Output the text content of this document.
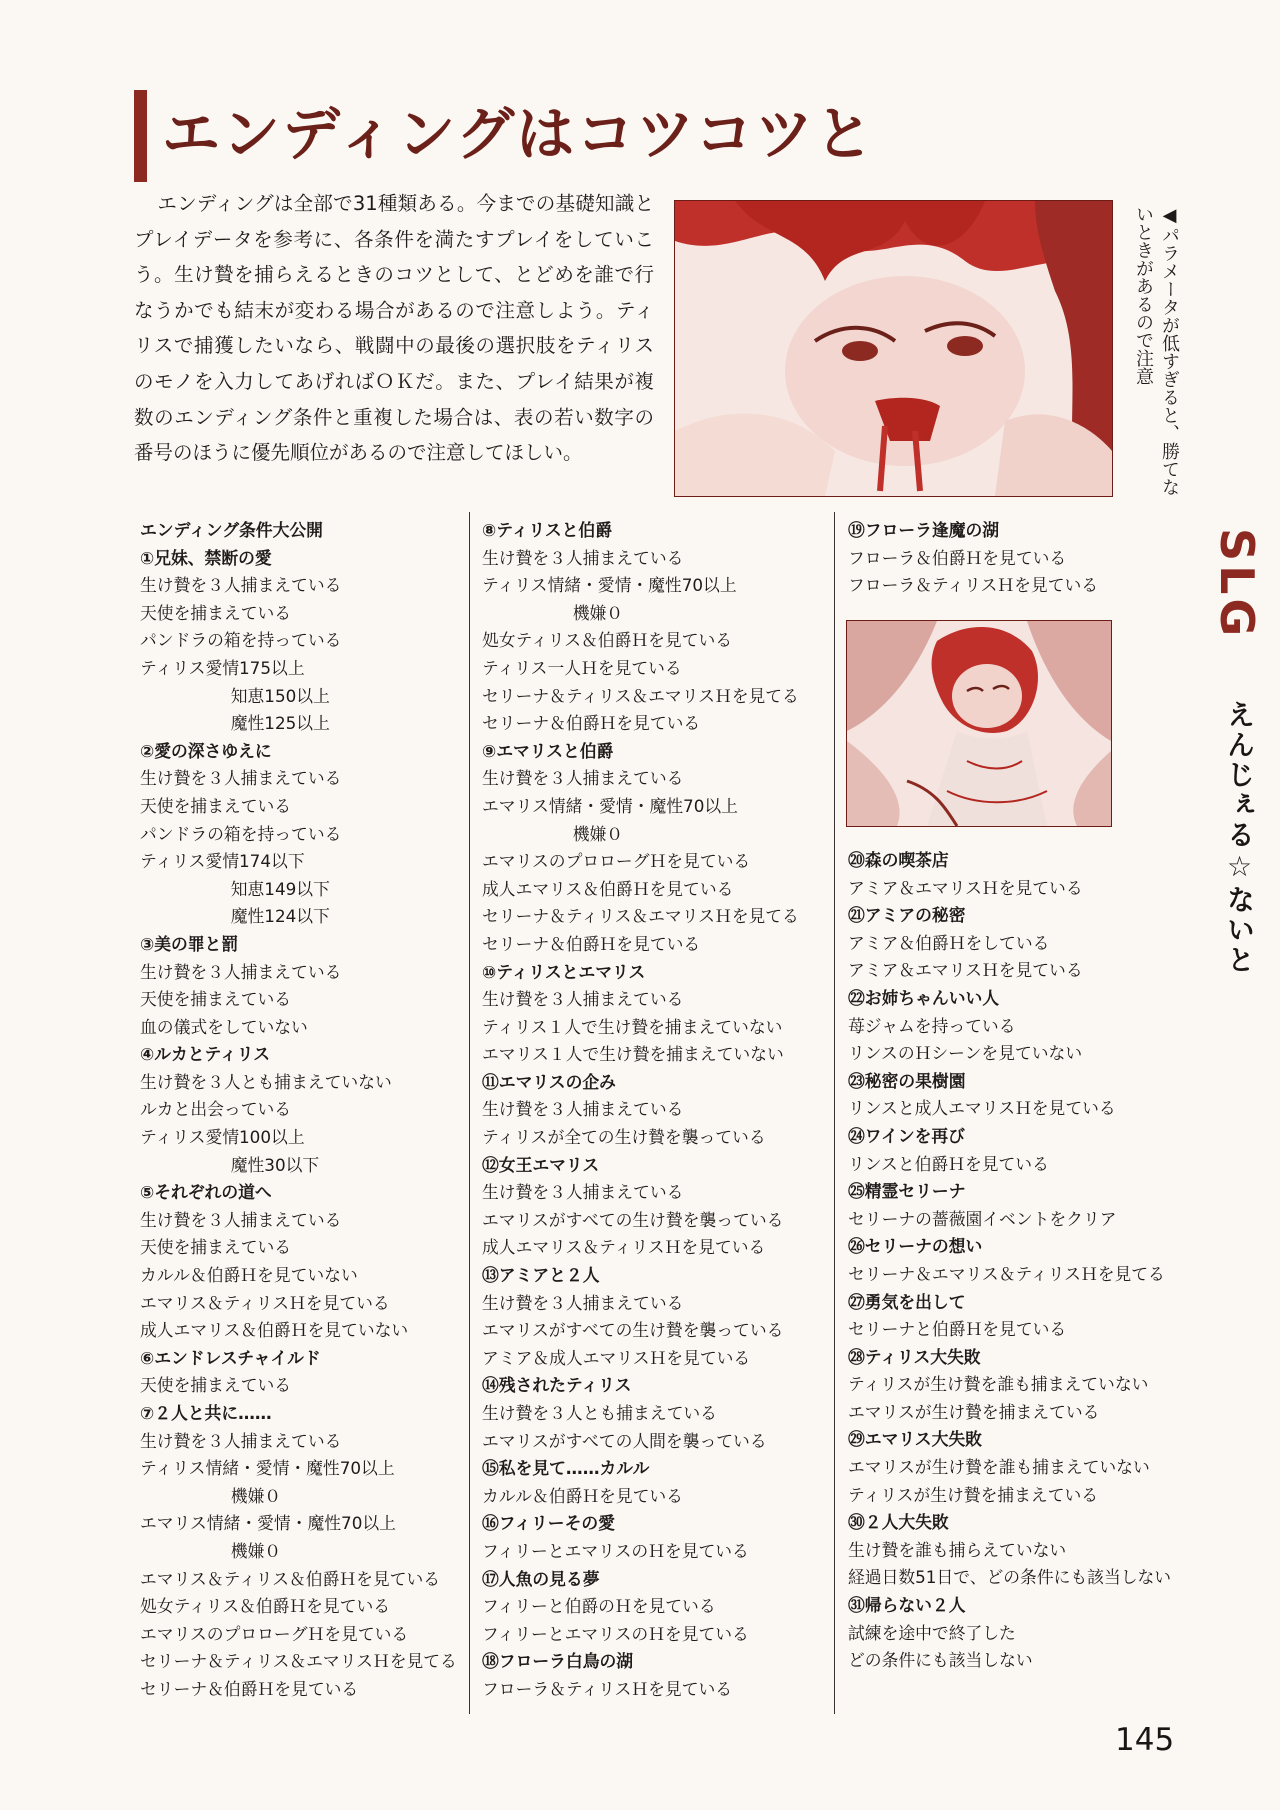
エンディングはコツコツと

エンディングは全部で31種類ある。今までの基礎知識とプレイデータを参考に、各条件を満たすプレイをしていこう。生け贄を捕らえるときのコツとして、とどめを誰で行なうかでも結末が変わる場合があるので注意しよう。ティリスで捕獲したいなら、戦闘中の最後の選択肢をティリスのモノを入力してあげればＯＫだ。また、プレイ結果が複数のエンディング条件と重複した場合は、表の若い数字の番号のほうに優先順位があるので注意してほしい。	◀パラメータが低すぎると、勝てないときがあるので注意
SLG
えんじぇる☆ないと
エンディング条件大公開
①兄妹、禁断の愛
生け贄を３人捕まえている
天使を捕まえている
パンドラの箱を持っている
ティリス愛情175以上
知恵150以上
魔性125以上
②愛の深さゆえに
生け贄を３人捕まえている
天使を捕まえている
パンドラの箱を持っている
ティリス愛情174以下
知恵149以下
魔性124以下
③美の罪と罰
生け贄を３人捕まえている
天使を捕まえている
血の儀式をしていない
④ルカとティリス
生け贄を３人とも捕まえていない
ルカと出会っている
ティリス愛情100以上
魔性30以下
⑤それぞれの道へ
生け贄を３人捕まえている
天使を捕まえている
カルル＆伯爵Ｈを見ていない
エマリス＆ティリスＨを見ている
成人エマリス＆伯爵Ｈを見ていない
⑥エンドレスチャイルド
天使を捕まえている
⑦２人と共に……
生け贄を３人捕まえている
ティリス情緒・愛情・魔性70以上
機嫌０
エマリス情緒・愛情・魔性70以上
機嫌０
エマリス＆ティリス＆伯爵Ｈを見ている
処女ティリス＆伯爵Ｈを見ている
エマリスのプロローグＨを見ている
セリーナ＆ティリス＆エマリスＨを見てる
セリーナ＆伯爵Ｈを見ている
⑧ティリスと伯爵
生け贄を３人捕まえている
ティリス情緒・愛情・魔性70以上
機嫌０
処女ティリス＆伯爵Ｈを見ている
ティリス一人Ｈを見ている
セリーナ＆ティリス＆エマリスＨを見てる
セリーナ＆伯爵Ｈを見ている
⑨エマリスと伯爵
生け贄を３人捕まえている
エマリス情緒・愛情・魔性70以上
機嫌０
エマリスのプロローグＨを見ている
成人エマリス＆伯爵Ｈを見ている
セリーナ＆ティリス＆エマリスＨを見てる
セリーナ＆伯爵Ｈを見ている
⑩ティリスとエマリス
生け贄を３人捕まえている
ティリス１人で生け贄を捕まえていない
エマリス１人で生け贄を捕まえていない
⑪エマリスの企み
生け贄を３人捕まえている
ティリスが全ての生け贄を襲っている
⑫女王エマリス
生け贄を３人捕まえている
エマリスがすべての生け贄を襲っている
成人エマリス＆ティリスＨを見ている
⑬アミアと２人
生け贄を３人捕まえている
エマリスがすべての生け贄を襲っている
アミア＆成人エマリスＨを見ている
⑭残されたティリス
生け贄を３人とも捕まえている
エマリスがすべての人間を襲っている
⑮私を見て……カルル
カルル＆伯爵Ｈを見ている
⑯フィリーその愛
フィリーとエマリスのＨを見ている
⑰人魚の見る夢
フィリーと伯爵のＨを見ている
フィリーとエマリスのＨを見ている
⑱フローラ白鳥の湖
フローラ＆ティリスＨを見ている
⑲フローラ逢魔の湖
フローラ＆伯爵Ｈを見ている
フローラ＆ティリスＨを見ている
⑳森の喫茶店
アミア＆エマリスＨを見ている
㉑アミアの秘密
アミア＆伯爵Ｈをしている
アミア＆エマリスＨを見ている
㉒お姉ちゃんいい人
苺ジャムを持っている
リンスのＨシーンを見ていない
㉓秘密の果樹園
リンスと成人エマリスＨを見ている
㉔ワインを再び
リンスと伯爵Ｈを見ている
㉕精霊セリーナ
セリーナの薔薇園イベントをクリア
㉖セリーナの想い
セリーナ＆エマリス＆ティリスＨを見てる
㉗勇気を出して
セリーナと伯爵Ｈを見ている
㉘ティリス大失敗
ティリスが生け贄を誰も捕まえていない
エマリスが生け贄を捕まえている
㉙エマリス大失敗
エマリスが生け贄を誰も捕まえていない
ティリスが生け贄を捕まえている
㉚２人大失敗
生け贄を誰も捕らえていない
経過日数51日で、どの条件にも該当しない
㉛帰らない２人
試練を途中で終了した
どの条件にも該当しない

145
